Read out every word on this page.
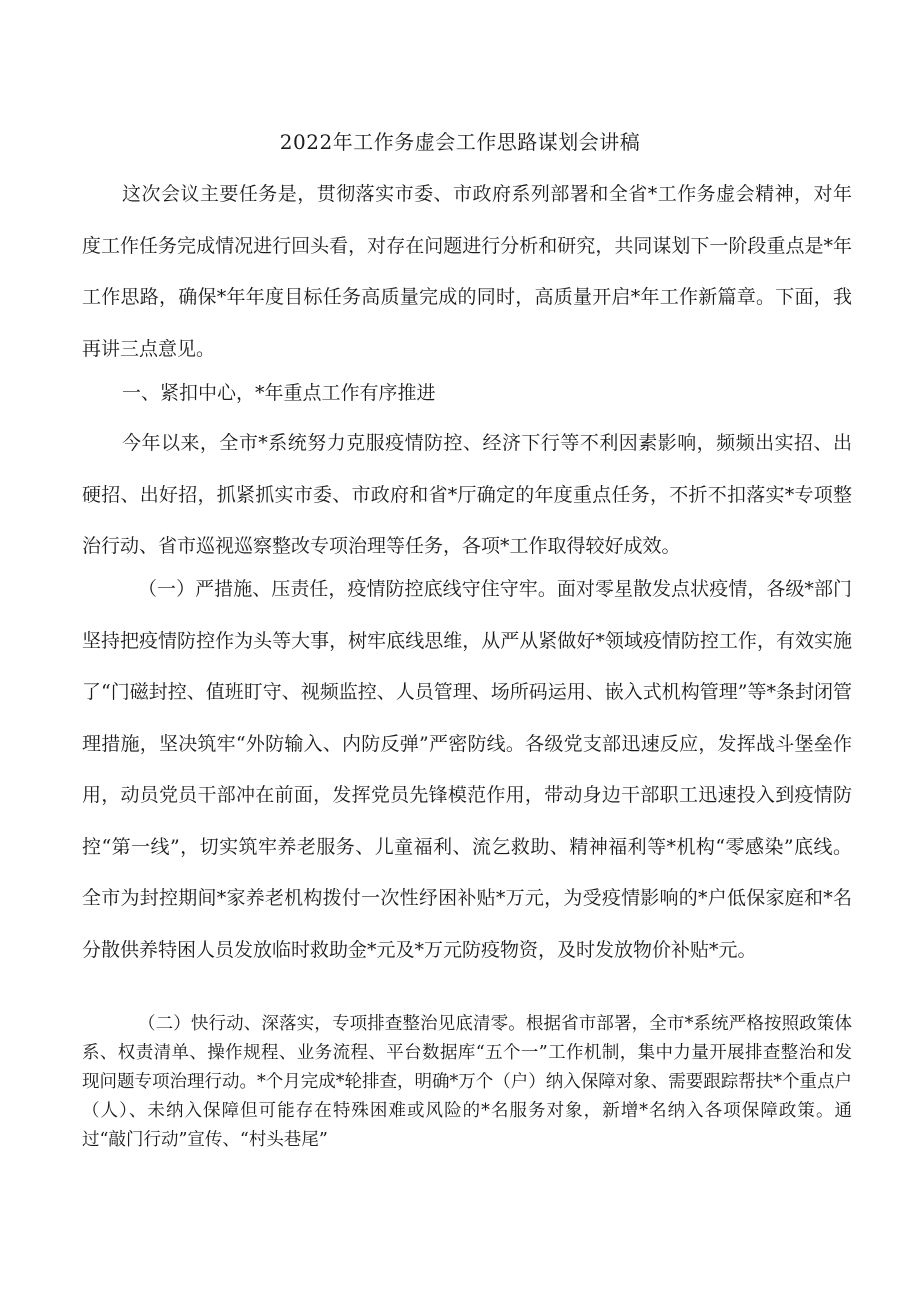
2022年工作务虚会工作思路谋划会讲稿

这次会议主要任务是，贯彻落实市委、市政府系列部署和全省*工作务虚会精神，对年度工作任务完成情况进行回头看，对存在问题进行分析和研究，共同谋划下一阶段重点是*年工作思路，确保*年年度目标任务高质量完成的同时，高质量开启*年工作新篇章。下面，我再讲三点意见。

一、紧扣中心，*年重点工作有序推进

今年以来，全市*系统努力克服疫情防控、经济下行等不利因素影响，频频出实招、出硬招、出好招，抓紧抓实市委、市政府和省*厅确定的年度重点任务，不折不扣落实*专项整治行动、省市巡视巡察整改专项治理等任务，各项*工作取得较好成效。

（一）严措施、压责任，疫情防控底线守住守牢。面对零星散发点状疫情，各级*部门坚持把疫情防控作为头等大事，树牢底线思维，从严从紧做好*领域疫情防控工作，有效实施了“门磁封控、值班盯守、视频监控、人员管理、场所码运用、嵌入式机构管理”等*条封闭管理措施，坚决筑牢“外防输入、内防反弹”严密防线。各级党支部迅速反应，发挥战斗堡垒作用，动员党员干部冲在前面，发挥党员先锋模范作用，带动身边干部职工迅速投入到疫情防控“第一线”，切实筑牢养老服务、儿童福利、流乞救助、精神福利等*机构“零感染”底线。全市为封控期间*家养老机构拨付一次性纾困补贴*万元，为受疫情影响的*户低保家庭和*名分散供养特困人员发放临时救助金*元及*万元防疫物资，及时发放物价补贴*元。

（二）快行动、深落实，专项排查整治见底清零。根据省市部署，全市*系统严格按照政策体系、权责清单、操作规程、业务流程、平台数据库“五个一”工作机制，集中力量开展排查整治和发现问题专项治理行动。*个月完成*轮排查，明确*万个（户）纳入保障对象、需要跟踪帮扶*个重点户（人）、未纳入保障但可能存在特殊困难或风险的*名服务对象，新增*名纳入各项保障政策。通过“敲门行动”宣传、“村头巷尾”
